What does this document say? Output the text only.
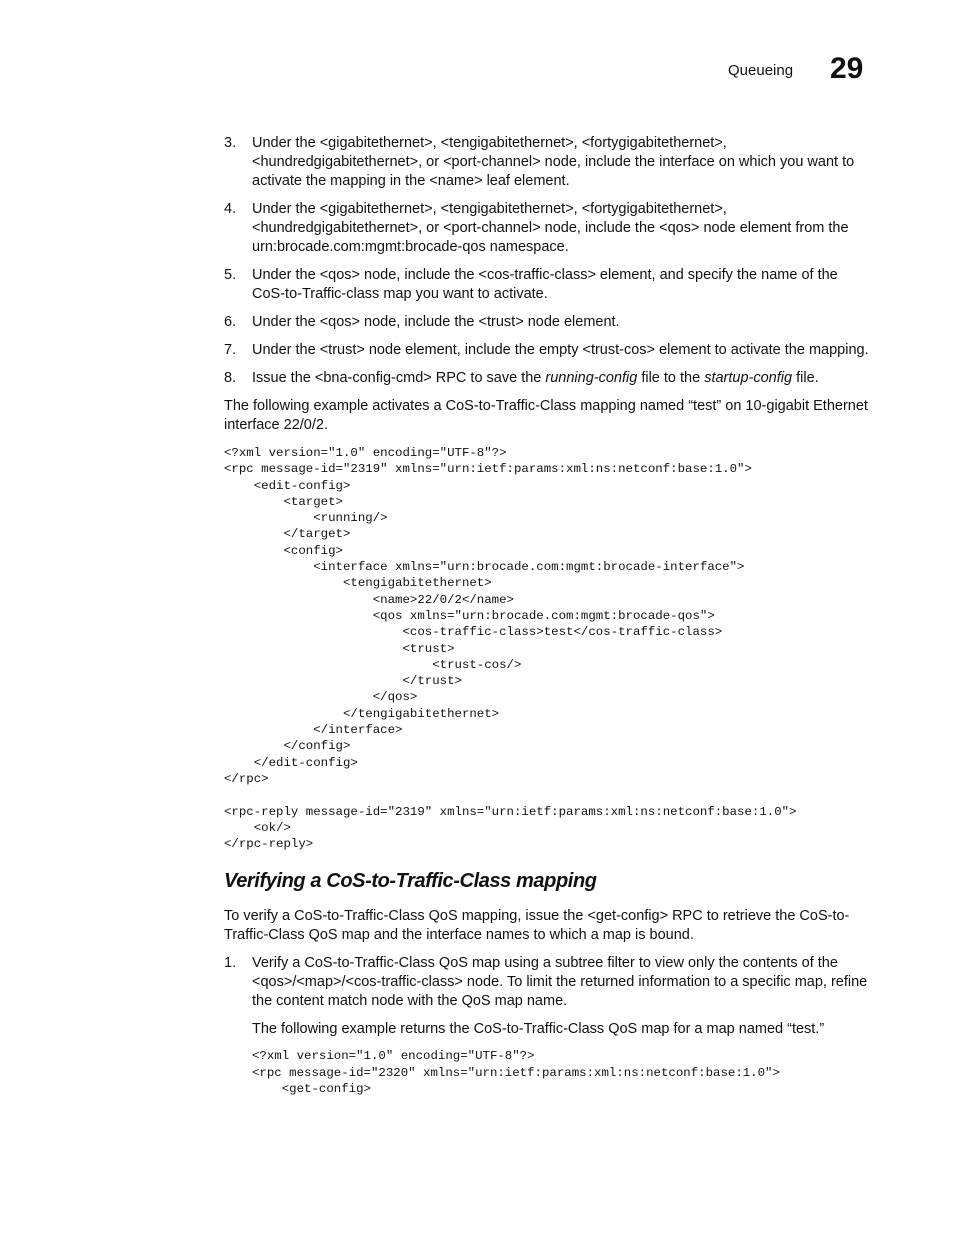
Queueing 29
3. Under the <gigabitethernet>, <tengigabitethernet>, <fortygigabitethernet>, <hundredgigabitethernet>, or <port-channel> node, include the interface on which you want to activate the mapping in the <name> leaf element.
4. Under the <gigabitethernet>, <tengigabitethernet>, <fortygigabitethernet>, <hundredgigabitethernet>, or <port-channel> node, include the <qos> node element from the urn:brocade.com:mgmt:brocade-qos namespace.
5. Under the <qos> node, include the <cos-traffic-class> element, and specify the name of the CoS-to-Traffic-class map you want to activate.
6. Under the <qos> node, include the <trust> node element.
7. Under the <trust> node element, include the empty <trust-cos> element to activate the mapping.
8. Issue the <bna-config-cmd> RPC to save the running-config file to the startup-config file.

The following example activates a CoS-to-Traffic-Class mapping named “test” on 10-gigabit Ethernet interface 22/0/2.

<?xml version="1.0" encoding="UTF-8"?>
<rpc message-id="2319" xmlns="urn:ietf:params:xml:ns:netconf:base:1.0">
<edit-config>
<target>
<running/>
</target>
<config>
<interface xmlns="urn:brocade.com:mgmt:brocade-interface">
<tengigabitethernet>
<name>22/0/2</name>
<qos xmlns="urn:brocade.com:mgmt:brocade-qos">
<cos-traffic-class>test</cos-traffic-class>
<trust>
<trust-cos/>
</trust>
</qos>
</tengigabitethernet>
</interface>
</config>
</edit-config>
</rpc>

<rpc-reply message-id="2319" xmlns="urn:ietf:params:xml:ns:netconf:base:1.0">
<ok/>
</rpc-reply>
Verifying a CoS-to-Traffic-Class mapping

To verify a CoS-to-Traffic-Class QoS mapping, issue the <get-config> RPC to retrieve the CoS-to-Traffic-Class QoS map and the interface names to which a map is bound.

1. Verify a CoS-to-Traffic-Class QoS map using a subtree filter to view only the contents of the <qos>/<map>/<cos-traffic-class> node. To limit the returned information to a specific map, refine the content match node with the QoS map name.

The following example returns the CoS-to-Traffic-Class QoS map for a map named “test.”

<?xml version="1.0" encoding="UTF-8"?>
<rpc message-id="2320" xmlns="urn:ietf:params:xml:ns:netconf:base:1.0">
<get-config>
